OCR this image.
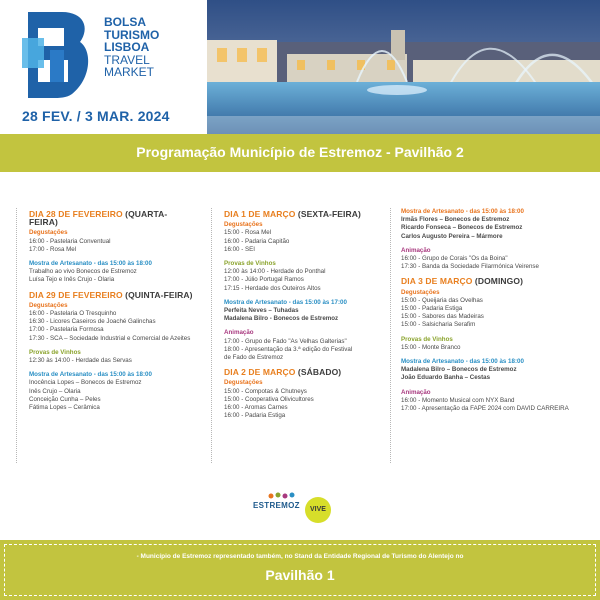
BOLSA
TURISMO
LISBOA
TRAVEL
MARKET
28 FEV. / 3 MAR. 2024
Programação Município de Estremoz - Pavilhão 2
DIA 28 DE FEVEREIRO (QUARTA-FEIRA)
Degustações
16:00 - Pastelaria Conventual
17:00 - Rosa Mel
Mostra de Artesanato - das 15:00 às 18:00
Trabalho ao vivo Bonecos de Estremoz
Luísa Tejo e Inês Crujo - Olaria
DIA 29 DE FEVEREIRO (QUINTA-FEIRA)
Degustações
16:00 - Pastelaria O Tresquinho
16:30 - Licores Caseiros de Joaché Galinchas
17:00 - Pastelaria Formosa
17:30 - SCA – Sociedade Industrial e Comercial de Azeites
Provas de Vinhos
12:30 às 14:00 - Herdade das Servas
Mostra de Artesanato - das 15:00 às 18:00
Inocência Lopes – Bonecos de Estremoz
Inês Crujo – Olaria
Conceição Cunha – Peles
Fátima Lopes – Cerâmica
DIA 1 DE MARÇO (SEXTA-FEIRA)
Degustações
15:00 - Rosa Mel
16:00 - Padaria Capitão
16:00 - SEI
Provas de Vinhos
12:00 às 14:00 - Herdade do Ponthal
17:00 - Júlio Portugal Ramos
17:15 - Herdade dos Outeiros Altos
Mostra de Artesanato - das 15:00 às 17:00
Perfeita Neves – Tuhadas
Madalena Bilro - Bonecos de Estremoz
Animação
17:00 - Grupo de Fado "As Velhas Galterias"
18:00 - Apresentação da 3.ª edição do Festival
de Fado de Estremoz
DIA 2 DE MARÇO (SÁBADO)
Degustações
15:00 - Compotas & Chutneys
15:00 - Cooperativa Olivicultores
16:00 - Aromas Carnes
16:00 - Padaria Estiga
Mostra de Artesanato - das 15:00 às 18:00
Irmãs Flores – Bonecos de Estremoz
Ricardo Fonseca – Bonecos de Estremoz
Carlos Augusto Pereira – Mármore
Animação
16:00 - Grupo de Corais "Os da Boina"
17:30 - Banda da Sociedade Filarmónica Veirense
DIA 3 DE MARÇO (DOMINGO)
Degustações
15:00 - Queijaria das Ovelhas
15:00 - Padaria Estiga
15:00 - Sabores das Madeiras
15:00 - Salsicharia Serafim
Provas de Vinhos
15:00 - Monte Branco
Mostra de Artesanato - das 15:00 às 18:00
Madalena Bilro – Bonecos de Estremoz
João Eduardo Banha – Cestas
Animação
16:00 - Momento Musical com NYX Band
17:00 - Apresentação da FAPE 2024 com DAVID CARREIRA
ESTREMOZ	VIVE
- Município de Estremoz representado também, no Stand da Entidade Regional de Turismo do Alentejo no
Pavilhão 1
